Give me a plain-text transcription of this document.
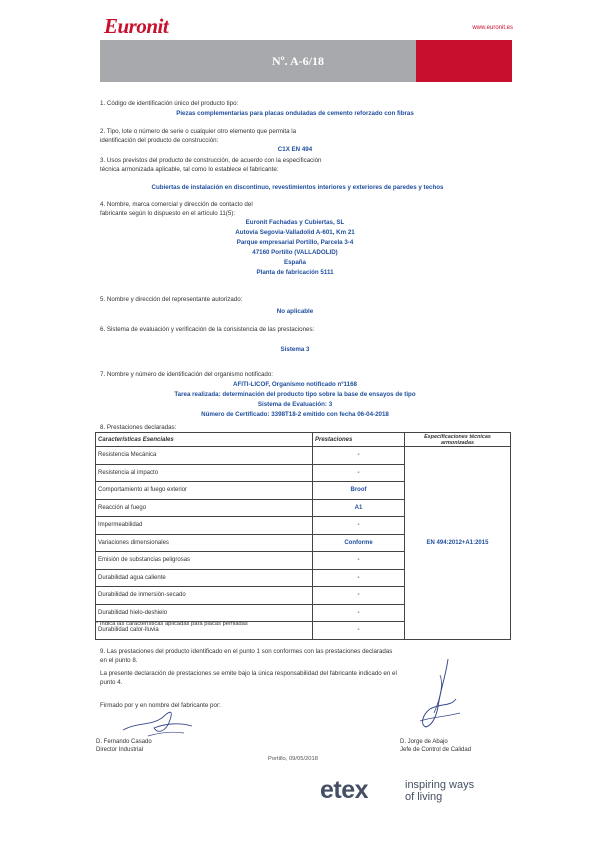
Euronit	www.euronit.es
Nº. A-6/18
1. Código de identificación único del producto tipo:
Piezas complementarias para placas onduladas de cemento reforzado con fibras
2. Tipo, lote o número de serie o cualquier otro elemento que permita la identificación del producto de construcción:
C1X EN 494
3. Usos previstos del producto de construcción, de acuerdo con la especificación técnica armonizada aplicable, tal como lo establece el fabricante:
Cubiertas de instalación en discontinuo, revestimientos interiores y exteriores de paredes y techos
4. Nombre, marca comercial y dirección de contacto del fabricante según lo dispuesto en el artículo 11(5):
Euronit Fachadas y Cubiertas, SL
Autovía Segovia-Valladolid A-601, Km 21
Parque empresarial Portillo, Parcela 3-4
47160 Portillo (VALLADOLID)
España
Planta de fabricación 5111
5. Nombre y dirección del representante autorizado:
No aplicable
6. Sistema de evaluación y verificación de la consistencia de las prestaciones:
Sistema 3
7. Nombre y número de identificación del organismo notificado:
AFITI-LICOF, Organismo notificado nº1168
Tarea realizada: determinación del producto tipo sobre la base de ensayos de tipo
Sistema de Evaluación: 3
Número de Certificado: 3398T18-2 emitido con fecha 06-04-2018
8. Prestaciones declaradas:
Características Esenciales	Prestaciones	Especificaciones técnicas armonizadas
Resistencia Mecánica	-	EN 494:2012+A1:2015
Resistencia al impacto	-	
Comportamiento al fuego exterior	Broof	
Reacción al fuego	A1	
Impermeabilidad	-	
Variaciones dimensionales	Conforme	
Emisión de substancias peligrosas	-	
Durabilidad agua caliente	-	
Durabilidad de inmersión-secado	-	
Durabilidad hielo-deshielo	-	
Durabilidad calor-lluvia	-	
* Indica las características aplicadas para placas perfiladas
9. Las prestaciones del producto identificado en el punto 1 son conformes con las prestaciones declaradas en el punto 8.
La presente declaración de prestaciones se emite bajo la única responsabilidad del fabricante indicado en el punto 4.
Firmado por y en nombre del fabricante por:
D. Fernando Casado
Director Industrial
D. Jorge de Abajo
Jefe de Control de Calidad
Portillo, 09/05/2018
etex	inspiring ways
of living
